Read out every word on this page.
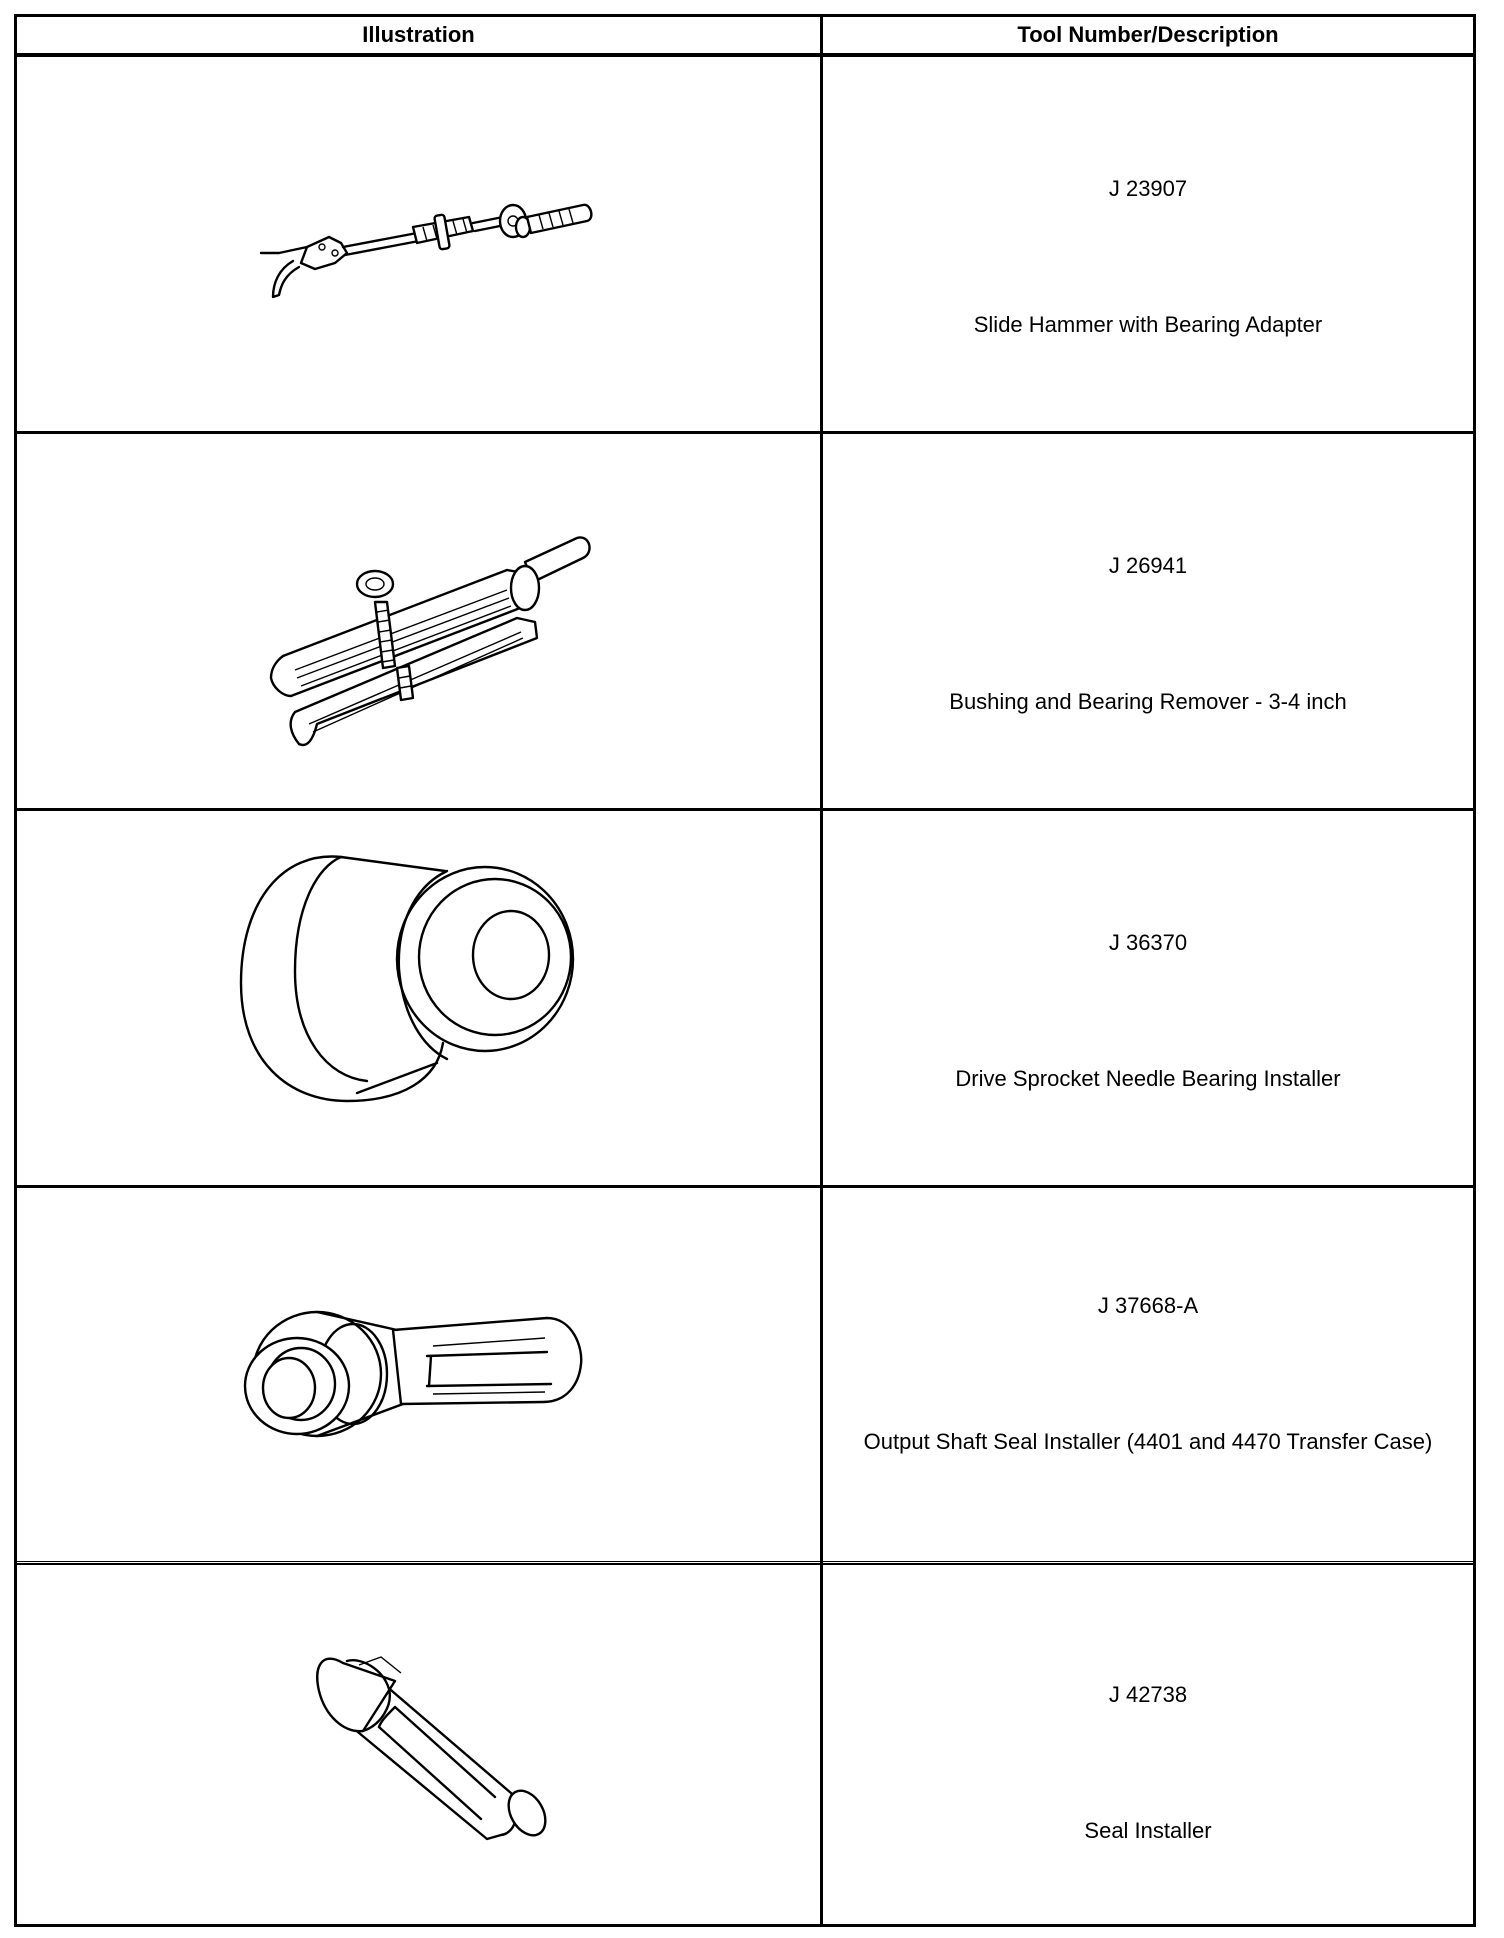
Illustration	Tool Number/Description
J 23907
Slide Hammer with Bearing Adapter
J 26941
Bushing and Bearing Remover - 3-4 inch
J 36370
Drive Sprocket Needle Bearing Installer
J 37668-A
Output Shaft Seal Installer (4401 and 4470 Transfer Case)
J 42738
Seal Installer
